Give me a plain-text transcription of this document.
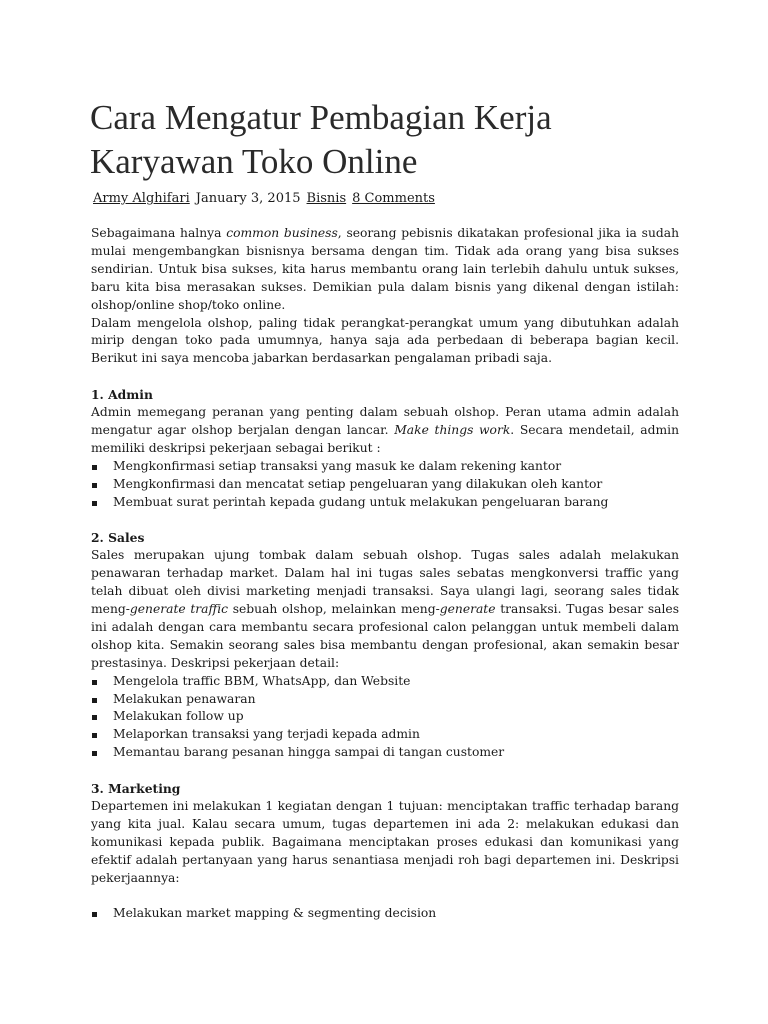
Cara Mengatur Pembagian Kerja Karyawan Toko Online
Army Alghifari January 3, 2015 Bisnis 8 Comments

Sebagaimana halnya common business, seorang pebisnis dikatakan profesional jika ia sudah mulai mengembangkan bisnisnya bersama dengan tim. Tidak ada orang yang bisa sukses sendirian. Untuk bisa sukses, kita harus membantu orang lain terlebih dahulu untuk sukses, baru kita bisa merasakan sukses. Demikian pula dalam bisnis yang dikenal dengan istilah: olshop/online shop/toko online.

Dalam mengelola olshop, paling tidak perangkat-perangkat umum yang dibutuhkan adalah mirip dengan toko pada umumnya, hanya saja ada perbedaan di beberapa bagian kecil. Berikut ini saya mencoba jabarkan berdasarkan pengalaman pribadi saja.

1. Admin

Admin memegang peranan yang penting dalam sebuah olshop. Peran utama admin adalah mengatur agar olshop berjalan dengan lancar. Make things work. Secara mendetail, admin memiliki deskripsi pekerjaan sebagai berikut :

Mengkonfirmasi setiap transaksi yang masuk ke dalam rekening kantor
Mengkonfirmasi dan mencatat setiap pengeluaran yang dilakukan oleh kantor
Membuat surat perintah kepada gudang untuk melakukan pengeluaran barang
2. Sales

Sales merupakan ujung tombak dalam sebuah olshop. Tugas sales adalah melakukan penawaran terhadap market. Dalam hal ini tugas sales sebatas mengkonversi traffic yang telah dibuat oleh divisi marketing menjadi transaksi. Saya ulangi lagi, seorang sales tidak meng-generate traffic sebuah olshop, melainkan meng-generate transaksi. Tugas besar sales ini adalah dengan cara membantu secara profesional calon pelanggan untuk membeli dalam olshop kita. Semakin seorang sales bisa membantu dengan profesional, akan semakin besar prestasinya. Deskripsi pekerjaan detail:

Mengelola traffic BBM, WhatsApp, dan Website
Melakukan penawaran
Melakukan follow up
Melaporkan transaksi yang terjadi kepada admin
Memantau barang pesanan hingga sampai di tangan customer
3. Marketing

Departemen ini melakukan 1 kegiatan dengan 1 tujuan: menciptakan traffic terhadap barang yang kita jual. Kalau secara umum, tugas departemen ini ada 2: melakukan edukasi dan komunikasi kepada publik. Bagaimana menciptakan proses edukasi dan komunikasi yang efektif adalah pertanyaan yang harus senantiasa menjadi roh bagi departemen ini. Deskripsi pekerjaannya:

Melakukan market mapping & segmenting decision
